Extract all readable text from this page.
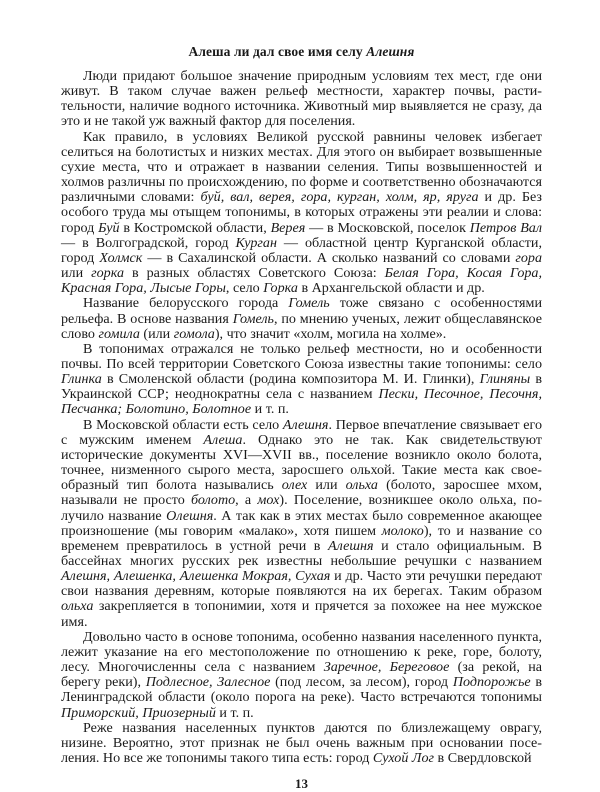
Алеша ли дал свое имя селу Алешня

Люди придают большое значение природным условиям тех мест, где они живут. В таком случае важен рельеф местности, характер почвы, растительности, наличие водного источника. Животный мир выявляется не сразу, да это и не такой уж важный фактор для поселения.

Как правило, в условиях Великой русской равнины человек избегает селиться на болотистых и низких местах. Для этого он выбирает возвышенные сухие места, что и отражает в названии селения. Типы возвышенностей и холмов различны по происхождению, по форме и соответственно обозначаются различными словами: буй, вал, верея, гора, курган, холм, яр, яруга и др. Без особого труда мы отыщем топонимы, в которых отражены эти реалии и слова: город Буй в Костромской области, Верея — в Московской, поселок Петров Вал — в Волгоградской, город Курган — областной центр Курганской области, город Холмск — в Сахалинской области. А сколько названий со словами гора или горка в разных областях Советского Союза: Белая Гора, Косая Гора, Красная Гора, Лысые Горы, село Горка в Архангельской области и др.

Название белорусского города Гомель тоже связано с особенностями рельефа. В основе названия Гомель, по мнению ученых, лежит общеславянское слово гомила (или гомола), что значит «холм, могила на холме».

В топонимах отражался не только рельеф местности, но и особенности почвы. По всей территории Советского Союза известны такие топонимы: село Глинка в Смоленской области (родина композитора М. И. Глинки), Глиняны в Украинской ССР; неоднократны села с названием Пески, Песочное, Песочня, Песчанка; Болотино, Болотное и т. п.

В Московской области есть село Алешня. Первое впечатление связывает его с мужским именем Алеша. Однако это не так. Как свидетельствуют исторические документы XVI—XVII вв., поселение возникло около болота, точнее, низменного сырого места, заросшего ольхой. Такие места как своеобразный тип болота назывались олех или ольха (болото, заросшее мхом, называли не просто болото, а мох). Поселение, возникшее около ольха, получило название Олешня. А так как в этих местах было современное акающее произношение (мы говорим «малако», хотя пишем молоко), то и название со временем превратилось в устной речи в Алешня и стало официальным. В бассейнах многих русских рек известны небольшие речушки с названием Алешня, Алешенка, Алешенка Мокрая, Сухая и др. Часто эти речушки передают свои названия деревням, которые появляются на их берегах. Таким образом ольха закрепляется в топонимии, хотя и прячется за похожее на нее мужское имя.

Довольно часто в основе топонима, особенно названия населенного пункта, лежит указание на его местоположение по отношению к реке, горе, болоту, лесу. Многочисленны села с названием Заречное, Береговое (за рекой, на берегу реки), Подлесное, Залесное (под лесом, за лесом), город Подпорожье в Ленинградской области (около порога на реке). Часто встречаются топонимы Приморский, Приозерный и т. п.

Реже названия населенных пунктов даются по близлежащему оврагу, низине. Вероятно, этот признак не был очень важным при основании поселения. Но все же топонимы такого типа есть: город Сухой Лог в Свердловской

13
